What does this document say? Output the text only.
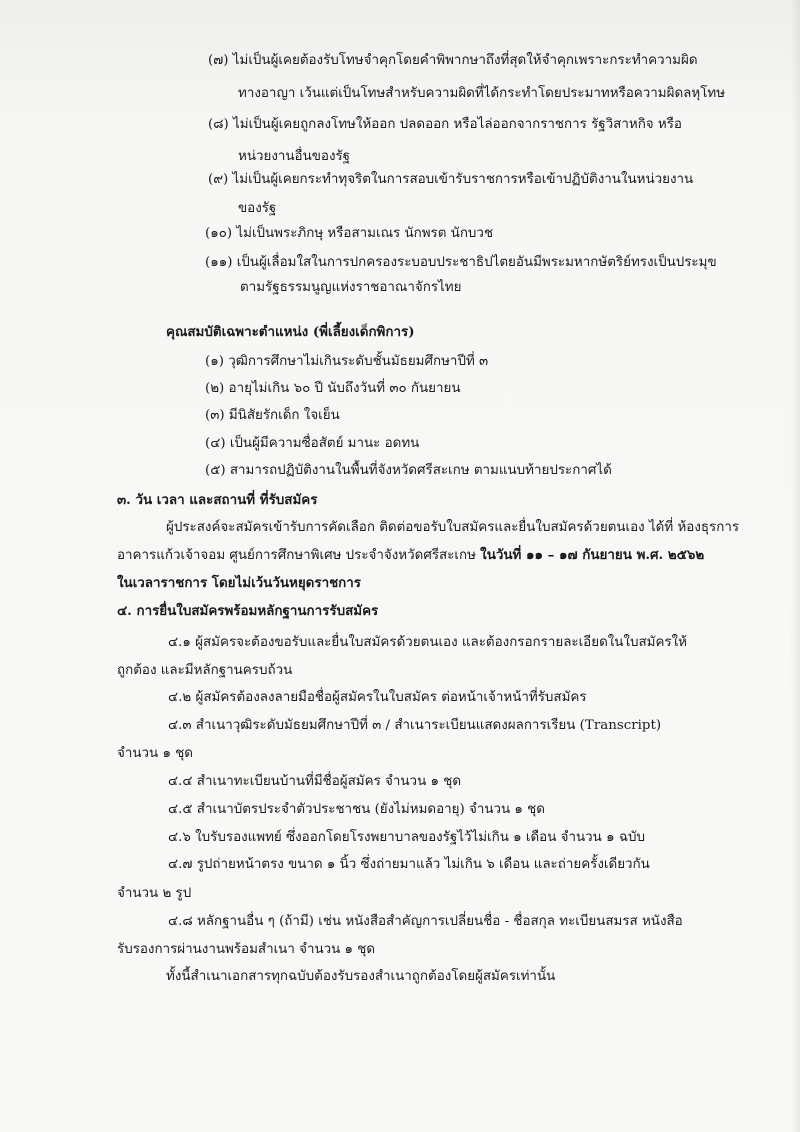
(๗) ไม่เป็นผู้เคยต้องรับโทษจำคุกโดยคำพิพากษาถึงที่สุดให้จำคุกเพราะกระทำความผิด
ทางอาญา เว้นแต่เป็นโทษสำหรับความผิดที่ได้กระทำโดยประมาทหรือความผิดลหุโทษ
(๘) ไม่เป็นผู้เคยถูกลงโทษให้ออก ปลดออก หรือไล่ออกจากราชการ รัฐวิสาหกิจ หรือ
หน่วยงานอื่นของรัฐ
(๙) ไม่เป็นผู้เคยกระทำทุจริตในการสอบเข้ารับราชการหรือเข้าปฏิบัติงานในหน่วยงาน
ของรัฐ
(๑๐) ไม่เป็นพระภิกษุ หรือสามเณร นักพรต นักบวช
(๑๑) เป็นผู้เลื่อมใสในการปกครองระบอบประชาธิปไตยอันมีพระมหากษัตริย์ทรงเป็นประมุข
ตามรัฐธรรมนูญแห่งราชอาณาจักรไทย
คุณสมบัติเฉพาะตำแหน่ง (พี่เลี้ยงเด็กพิการ)
(๑) วุฒิการศึกษาไม่เกินระดับชั้นมัธยมศึกษาปีที่ ๓
(๒) อายุไม่เกิน ๖๐ ปี นับถึงวันที่ ๓๐ กันยายน
(๓) มีนิสัยรักเด็ก ใจเย็น
(๔) เป็นผู้มีความซื่อสัตย์ มานะ อดทน
(๕) สามารถปฏิบัติงานในพื้นที่จังหวัดศรีสะเกษ ตามแนบท้ายประกาศได้
๓. วัน เวลา และสถานที่ ที่รับสมัคร
ผู้ประสงค์จะสมัครเข้ารับการคัดเลือก ติดต่อขอรับใบสมัครและยื่นใบสมัครด้วยตนเอง ได้ที่ ห้องธุรการ
อาคารแก้วเจ้าจอม ศูนย์การศึกษาพิเศษ ประจำจังหวัดศรีสะเกษ ในวันที่ ๑๑ – ๑๗ กันยายน พ.ศ. ๒๕๖๒
ในเวลาราชการ โดยไม่เว้นวันหยุดราชการ
๔. การยื่นใบสมัครพร้อมหลักฐานการรับสมัคร
๔.๑ ผู้สมัครจะต้องขอรับและยื่นใบสมัครด้วยตนเอง และต้องกรอกรายละเอียดในใบสมัครให้
ถูกต้อง และมีหลักฐานครบถ้วน
๔.๒ ผู้สมัครต้องลงลายมือชื่อผู้สมัครในใบสมัคร ต่อหน้าเจ้าหน้าที่รับสมัคร
๔.๓ สำเนาวุฒิระดับมัธยมศึกษาปีที่ ๓ / สำเนาระเบียนแสดงผลการเรียน (Transcript)
จำนวน ๑ ชุด
๔.๔ สำเนาทะเบียนบ้านที่มีชื่อผู้สมัคร จำนวน ๑ ชุด
๔.๕ สำเนาบัตรประจำตัวประชาชน (ยังไม่หมดอายุ) จำนวน ๑ ชุด
๔.๖ ใบรับรองแพทย์ ซึ่งออกโดยโรงพยาบาลของรัฐไว้ไม่เกิน ๑ เดือน จำนวน ๑ ฉบับ
๔.๗ รูปถ่ายหน้าตรง ขนาด ๑ นิ้ว ซึ่งถ่ายมาแล้ว ไม่เกิน ๖ เดือน และถ่ายครั้งเดียวกัน
จำนวน ๒ รูป
๔.๘ หลักฐานอื่น ๆ (ถ้ามี) เช่น หนังสือสำคัญการเปลี่ยนชื่อ - ชื่อสกุล ทะเบียนสมรส หนังสือ
รับรองการผ่านงานพร้อมสำเนา จำนวน ๑ ชุด
ทั้งนี้สำเนาเอกสารทุกฉบับต้องรับรองสำเนาถูกต้องโดยผู้สมัครเท่านั้น
